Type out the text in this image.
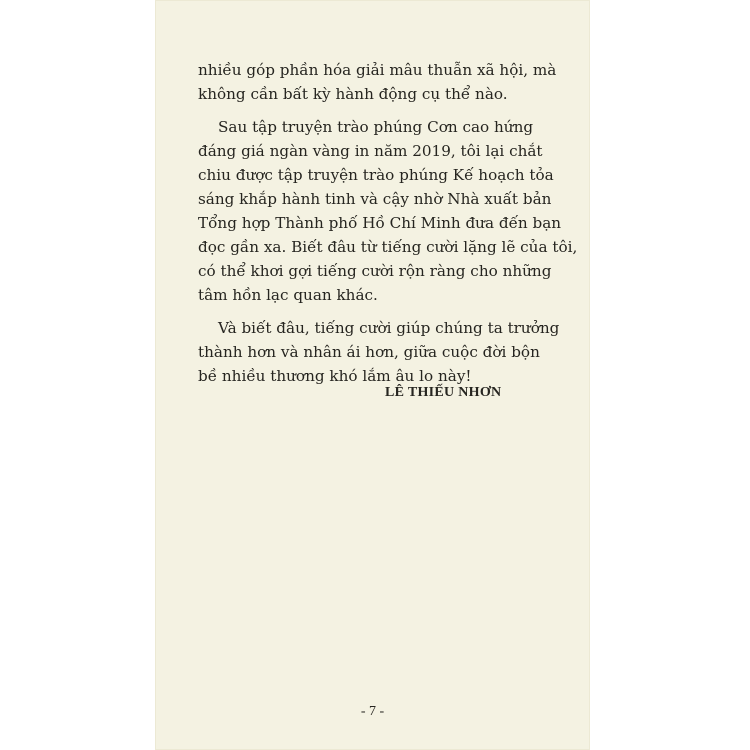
nhiều góp phần hóa giải mâu thuẫn xã hội, mà
không cần bất kỳ hành động cụ thể nào.
Sau tập truyện trào phúng Cơn cao hứng
đáng giá ngàn vàng in năm 2019, tôi lại chắt
chiu được tập truyện trào phúng Kế hoạch tỏa
sáng khắp hành tinh và cậy nhờ Nhà xuất bản
Tổng hợp Thành phố Hồ Chí Minh đưa đến bạn
đọc gần xa. Biết đâu từ tiếng cười lặng lẽ của tôi,
có thể khơi gợi tiếng cười rộn ràng cho những
tâm hồn lạc quan khác.
Và biết đâu, tiếng cười giúp chúng ta trưởng
thành hơn và nhân ái hơn, giữa cuộc đời bộn
bề nhiều thương khó lắm âu lo này!
LÊ THIẾU NHƠN
- 7 -
